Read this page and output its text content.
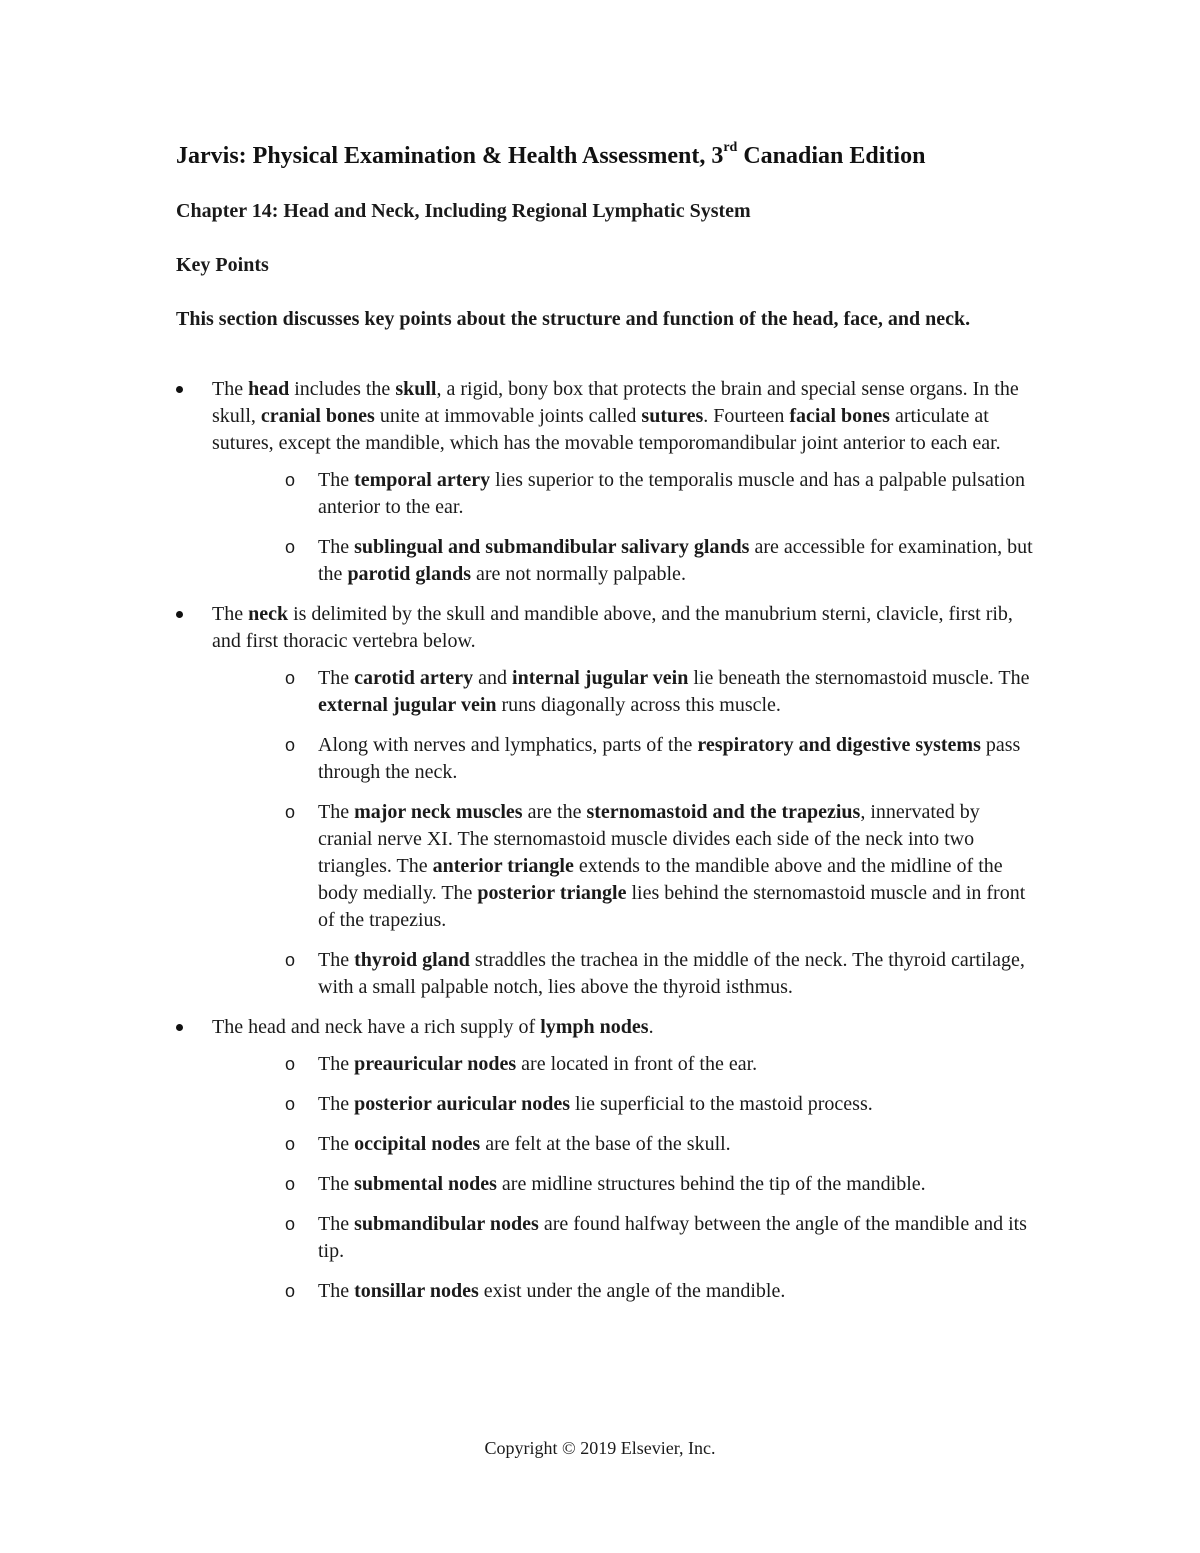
Jarvis: Physical Examination & Health Assessment, 3rd Canadian Edition
Chapter 14: Head and Neck, Including Regional Lymphatic System
Key Points
This section discusses key points about the structure and function of the head, face, and neck.
The head includes the skull, a rigid, bony box that protects the brain and special sense organs. In the skull, cranial bones unite at immovable joints called sutures. Fourteen facial bones articulate at sutures, except the mandible, which has the movable temporomandibular joint anterior to each ear.
o	The temporal artery lies superior to the temporalis muscle and has a palpable pulsation anterior to the ear.
o	The sublingual and submandibular salivary glands are accessible for examination, but the parotid glands are not normally palpable.
The neck is delimited by the skull and mandible above, and the manubrium sterni, clavicle, first rib, and first thoracic vertebra below.
o	The carotid artery and internal jugular vein lie beneath the sternomastoid muscle. The external jugular vein runs diagonally across this muscle.
o	Along with nerves and lymphatics, parts of the respiratory and digestive systems pass through the neck.
o	The major neck muscles are the sternomastoid and the trapezius, innervated by cranial nerve XI. The sternomastoid muscle divides each side of the neck into two triangles. The anterior triangle extends to the mandible above and the midline of the body medially. The posterior triangle lies behind the sternomastoid muscle and in front of the trapezius.
o	The thyroid gland straddles the trachea in the middle of the neck. The thyroid cartilage, with a small palpable notch, lies above the thyroid isthmus.
The head and neck have a rich supply of lymph nodes.
o	The preauricular nodes are located in front of the ear.
o	The posterior auricular nodes lie superficial to the mastoid process.
o	The occipital nodes are felt at the base of the skull.
o	The submental nodes are midline structures behind the tip of the mandible.
o	The submandibular nodes are found halfway between the angle of the mandible and its tip.
o	The tonsillar nodes exist under the angle of the mandible.
Copyright © 2019 Elsevier, Inc.
